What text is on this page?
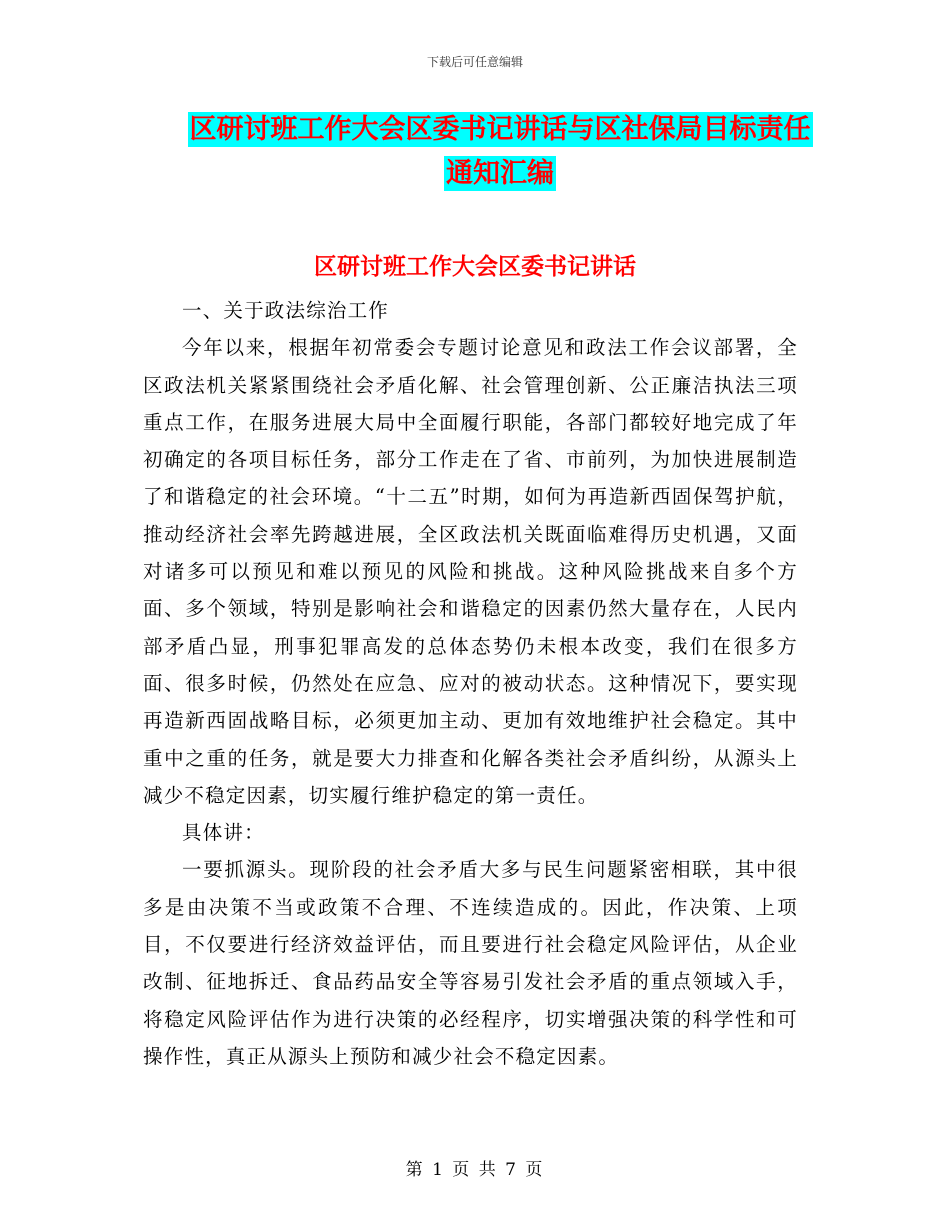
下载后可任意编辑
区研讨班工作大会区委书记讲话与区社保局目标责任
通知汇编
区研讨班工作大会区委书记讲话

一、关于政法综治工作

今年以来，根据年初常委会专题讨论意见和政法工作会议部署，全区政法机关紧紧围绕社会矛盾化解、社会管理创新、公正廉洁执法三项重点工作，在服务进展大局中全面履行职能，各部门都较好地完成了年初确定的各项目标任务，部分工作走在了省、市前列，为加快进展制造了和谐稳定的社会环境。“十二五”时期，如何为再造新西固保驾护航，推动经济社会率先跨越进展，全区政法机关既面临难得历史机遇，又面对诸多可以预见和难以预见的风险和挑战。这种风险挑战来自多个方面、多个领域，特别是影响社会和谐稳定的因素仍然大量存在，人民内部矛盾凸显，刑事犯罪高发的总体态势仍未根本改变，我们在很多方面、很多时候，仍然处在应急、应对的被动状态。这种情况下，要实现再造新西固战略目标，必须更加主动、更加有效地维护社会稳定。其中重中之重的任务，就是要大力排查和化解各类社会矛盾纠纷，从源头上减少不稳定因素，切实履行维护稳定的第一责任。

具体讲：

一要抓源头。现阶段的社会矛盾大多与民生问题紧密相联，其中很多是由决策不当或政策不合理、不连续造成的。因此，作决策、上项目，不仅要进行经济效益评估，而且要进行社会稳定风险评估，从企业改制、征地拆迁、食品药品安全等容易引发社会矛盾的重点领域入手，将稳定风险评估作为进行决策的必经程序，切实增强决策的科学性和可操作性，真正从源头上预防和减少社会不稳定因素。

第 1 页 共 7 页
